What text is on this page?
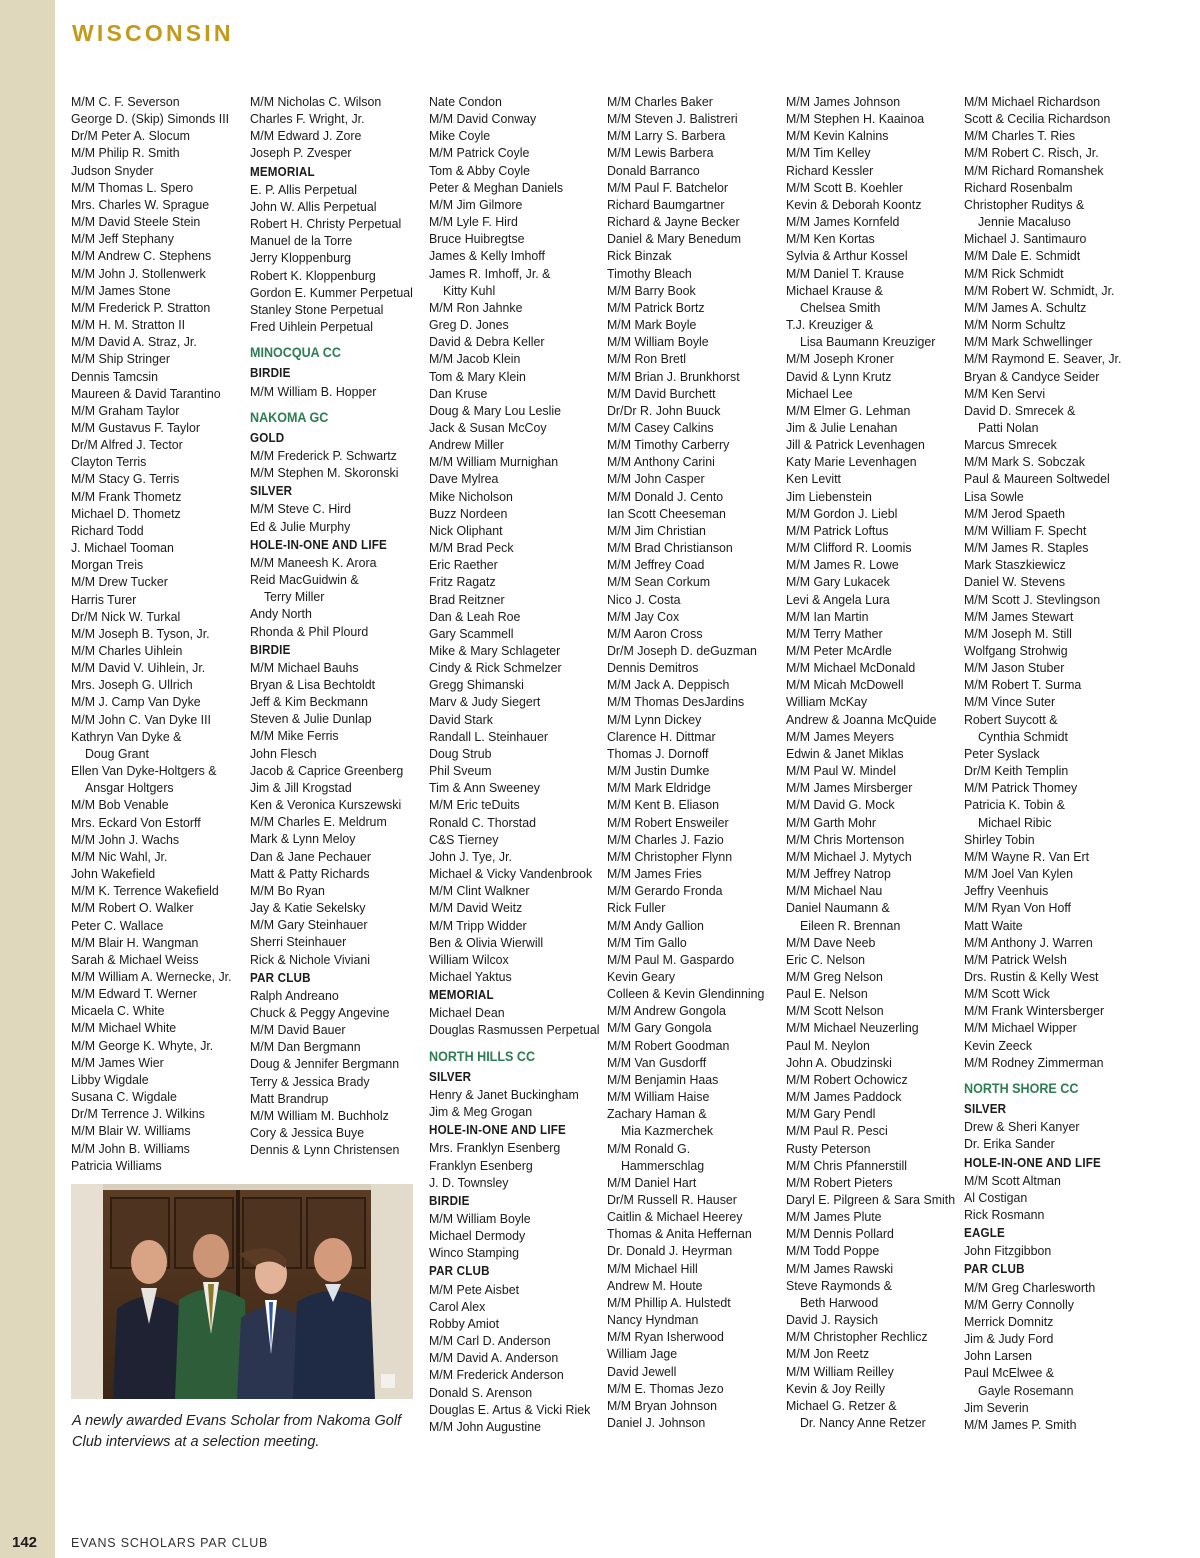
WISCONSIN
M/M C. F. Severson
George D. (Skip) Simonds III
Dr/M Peter A. Slocum
M/M Philip R. Smith
Judson Snyder
M/M Thomas L. Spero
Mrs. Charles W. Sprague
M/M David Steele Stein
M/M Jeff Stephany
M/M Andrew C. Stephens
M/M John J. Stollenwerk
M/M James Stone
M/M Frederick P. Stratton
M/M H. M. Stratton II
M/M David A. Straz, Jr.
M/M Ship Stringer
Dennis Tamcsin
Maureen & David Tarantino
M/M Graham Taylor
M/M Gustavus F. Taylor
Dr/M Alfred J. Tector
Clayton Terris
M/M Stacy G. Terris
M/M Frank Thometz
Michael D. Thometz
Richard Todd
J. Michael Tooman
Morgan Treis
M/M Drew Tucker
Harris Turer
Dr/M Nick W. Turkal
M/M Joseph B. Tyson, Jr.
M/M Charles Uihlein
M/M David V. Uihlein, Jr.
Mrs. Joseph G. Ullrich
M/M J. Camp Van Dyke
M/M John C. Van Dyke III
Kathryn Van Dyke &
Doug Grant
Ellen Van Dyke-Holtgers &
Ansgar Holtgers
M/M Bob Venable
Mrs. Eckard Von Estorff
M/M John J. Wachs
M/M Nic Wahl, Jr.
John Wakefield
M/M K. Terrence Wakefield
M/M Robert O. Walker
Peter C. Wallace
M/M Blair H. Wangman
Sarah & Michael Weiss
M/M William A. Wernecke, Jr.
M/M Edward T. Werner
Micaela C. White
M/M Michael White
M/M George K. Whyte, Jr.
M/M James Wier
Libby Wigdale
Susana C. Wigdale
Dr/M Terrence J. Wilkins
M/M Blair W. Williams
M/M John B. Williams
Patricia Williams
M/M Nicholas C. Wilson
Charles F. Wright, Jr.
M/M Edward J. Zore
Joseph P. Zvesper
MEMORIAL
E. P. Allis Perpetual
John W. Allis Perpetual
Robert H. Christy Perpetual
Manuel de la Torre
Jerry Kloppenburg
Robert K. Kloppenburg
Gordon E. Kummer Perpetual
Stanley Stone Perpetual
Fred Uihlein Perpetual
MINOCQUA CC
BIRDIE
M/M William B. Hopper
NAKOMA GC
GOLD
M/M Frederick P. Schwartz
M/M Stephen M. Skoronski
SILVER
M/M Steve C. Hird
Ed & Julie Murphy
HOLE-IN-ONE AND LIFE
M/M Maneesh K. Arora
Reid MacGuidwin &
Terry Miller
Andy North
Rhonda & Phil Plourd
BIRDIE
M/M Michael Bauhs
Bryan & Lisa Bechtoldt
Jeff & Kim Beckmann
Steven & Julie Dunlap
M/M Mike Ferris
John Flesch
Jacob & Caprice Greenberg
Jim & Jill Krogstad
Ken & Veronica Kurszewski
M/M Charles E. Meldrum
Mark & Lynn Meloy
Dan & Jane Pechauer
Matt & Patty Richards
M/M Bo Ryan
Jay & Katie Sekelsky
M/M Gary Steinhauer
Sherri Steinhauer
Rick & Nichole Viviani
PAR CLUB
Ralph Andreano
Chuck & Peggy Angevine
M/M David Bauer
M/M Dan Bergmann
Doug & Jennifer Bergmann
Terry & Jessica Brady
Matt Brandrup
M/M William M. Buchholz
Cory & Jessica Buye
Dennis & Lynn Christensen
Nate Condon
M/M David Conway
Mike Coyle
M/M Patrick Coyle
Tom & Abby Coyle
Peter & Meghan Daniels
M/M Jim Gilmore
M/M Lyle F. Hird
Bruce Huibregtse
James & Kelly Imhoff
James R. Imhoff, Jr. &
Kitty Kuhl
M/M Ron Jahnke
Greg D. Jones
David & Debra Keller
M/M Jacob Klein
Tom & Mary Klein
Dan Kruse
Doug & Mary Lou Leslie
Jack & Susan McCoy
Andrew Miller
M/M William Murnighan
Dave Mylrea
Mike Nicholson
Buzz Nordeen
Nick Oliphant
M/M Brad Peck
Eric Raether
Fritz Ragatz
Brad Reitzner
Dan & Leah Roe
Gary Scammell
Mike & Mary Schlageter
Cindy & Rick Schmelzer
Gregg Shimanski
Marv & Judy Siegert
David Stark
Randall L. Steinhauer
Doug Strub
Phil Sveum
Tim & Ann Sweeney
M/M Eric teDuits
Ronald C. Thorstad
C&S Tierney
John J. Tye, Jr.
Michael & Vicky Vandenbrook
M/M Clint Walkner
M/M David Weitz
M/M Tripp Widder
Ben & Olivia Wierwill
William Wilcox
Michael Yaktus
MEMORIAL
Michael Dean
Douglas Rasmussen Perpetual
NORTH HILLS CC
SILVER
Henry & Janet Buckingham
Jim & Meg Grogan
HOLE-IN-ONE AND LIFE
Mrs. Franklyn Esenberg
Franklyn Esenberg
J. D. Townsley
BIRDIE
M/M William Boyle
Michael Dermody
Winco Stamping
PAR CLUB
M/M Pete Aisbet
Carol Alex
Robby Amiot
M/M Carl D. Anderson
M/M David A. Anderson
M/M Frederick Anderson
Donald S. Arenson
Douglas E. Artus & Vicki Riek
M/M John Augustine
M/M Charles Baker
M/M Steven J. Balistreri
M/M Larry S. Barbera
M/M Lewis Barbera
Donald Barranco
M/M Paul F. Batchelor
Richard Baumgartner
Richard & Jayne Becker
Daniel & Mary Benedum
Rick Binzak
Timothy Bleach
M/M Barry Book
M/M Patrick Bortz
M/M Mark Boyle
M/M William Boyle
M/M Ron Bretl
M/M Brian J. Brunkhorst
M/M David Burchett
Dr/Dr R. John Buuck
M/M Casey Calkins
M/M Timothy Carberry
M/M Anthony Carini
M/M John Casper
M/M Donald J. Cento
Ian Scott Cheeseman
M/M Jim Christian
M/M Brad Christianson
M/M Jeffrey Coad
M/M Sean Corkum
Nico J. Costa
M/M Jay Cox
M/M Aaron Cross
Dr/M Joseph D. deGuzman
Dennis Demitros
M/M Jack A. Deppisch
M/M Thomas DesJardins
M/M Lynn Dickey
Clarence H. Dittmar
Thomas J. Dornoff
M/M Justin Dumke
M/M Mark Eldridge
M/M Kent B. Eliason
M/M Robert Ensweiler
M/M Charles J. Fazio
M/M Christopher Flynn
M/M James Fries
M/M Gerardo Fronda
Rick Fuller
M/M Andy Gallion
M/M Tim Gallo
M/M Paul M. Gaspardo
Kevin Geary
Colleen & Kevin Glendinning
M/M Andrew Gongola
M/M Gary Gongola
M/M Robert Goodman
M/M Van Gusdorff
M/M Benjamin Haas
M/M William Haise
Zachary Haman &
Mia Kazmerchek
M/M Ronald G.
Hammerschlag
M/M Daniel Hart
Dr/M Russell R. Hauser
Caitlin & Michael Heerey
Thomas & Anita Heffernan
Dr. Donald J. Heyrman
M/M Michael Hill
Andrew M. Houte
M/M Phillip A. Hulstedt
Nancy Hyndman
M/M Ryan Isherwood
William Jage
David Jewell
M/M E. Thomas Jezo
M/M Bryan Johnson
Daniel J. Johnson
M/M James Johnson
M/M Stephen H. Kaainoa
M/M Kevin Kalnins
M/M Tim Kelley
Richard Kessler
M/M Scott B. Koehler
Kevin & Deborah Koontz
M/M James Kornfeld
M/M Ken Kortas
Sylvia & Arthur Kossel
M/M Daniel T. Krause
Michael Krause &
Chelsea Smith
T.J. Kreuziger &
Lisa Baumann Kreuziger
M/M Joseph Kroner
David & Lynn Krutz
Michael Lee
M/M Elmer G. Lehman
Jim & Julie Lenahan
Jill & Patrick Levenhagen
Katy Marie Levenhagen
Ken Levitt
Jim Liebenstein
M/M Gordon J. Liebl
M/M Patrick Loftus
M/M Clifford R. Loomis
M/M James R. Lowe
M/M Gary Lukacek
Levi & Angela Lura
M/M Ian Martin
M/M Terry Mather
M/M Peter McArdle
M/M Michael McDonald
M/M Micah McDowell
William McKay
Andrew & Joanna McQuide
M/M James Meyers
Edwin & Janet Miklas
M/M Paul W. Mindel
M/M James Mirsberger
M/M David G. Mock
M/M Garth Mohr
M/M Chris Mortenson
M/M Michael J. Mytych
M/M Jeffrey Natrop
M/M Michael Nau
Daniel Naumann &
Eileen R. Brennan
M/M Dave Neeb
Eric C. Nelson
M/M Greg Nelson
Paul E. Nelson
M/M Scott Nelson
M/M Michael Neuzerling
Paul M. Neylon
John A. Obudzinski
M/M Robert Ochowicz
M/M James Paddock
M/M Gary Pendl
M/M Paul R. Pesci
Rusty Peterson
M/M Chris Pfannerstill
M/M Robert Pieters
Daryl E. Pilgreen & Sara Smith
M/M James Plute
M/M Dennis Pollard
M/M Todd Poppe
M/M James Rawski
Steve Raymonds &
Beth Harwood
David J. Raysich
M/M Christopher Rechlicz
M/M Jon Reetz
M/M William Reilley
Kevin & Joy Reilly
Michael G. Retzer &
Dr. Nancy Anne Retzer
M/M Michael Richardson
Scott & Cecilia Richardson
M/M Charles T. Ries
M/M Robert C. Risch, Jr.
M/M Richard Romanshek
Richard Rosenbalm
Christopher Ruditys &
Jennie Macaluso
Michael J. Santimauro
M/M Dale E. Schmidt
M/M Rick Schmidt
M/M Robert W. Schmidt, Jr.
M/M James A. Schultz
M/M Norm Schultz
M/M Mark Schwellinger
M/M Raymond E. Seaver, Jr.
Bryan & Candyce Seider
M/M Ken Servi
David D. Smrecek &
Patti Nolan
Marcus Smrecek
M/M Mark S. Sobczak
Paul & Maureen Soltwedel
Lisa Sowle
M/M Jerod Spaeth
M/M William F. Specht
M/M James R. Staples
Mark Staszkiewicz
Daniel W. Stevens
M/M Scott J. Stevlingson
M/M James Stewart
M/M Joseph M. Still
Wolfgang Strohwig
M/M Jason Stuber
M/M Robert T. Surma
M/M Vince Suter
Robert Suycott &
Cynthia Schmidt
Peter Syslack
Dr/M Keith Templin
M/M Patrick Thomey
Patricia K. Tobin &
Michael Ribic
Shirley Tobin
M/M Wayne R. Van Ert
M/M Joel Van Kylen
Jeffry Veenhuis
M/M Ryan Von Hoff
Matt Waite
M/M Anthony J. Warren
M/M Patrick Welsh
Drs. Rustin & Kelly West
M/M Scott Wick
M/M Frank Wintersberger
M/M Michael Wipper
Kevin Zeeck
M/M Rodney Zimmerman
NORTH SHORE CC
SILVER
Drew & Sheri Kanyer
Dr. Erika Sander
HOLE-IN-ONE AND LIFE
M/M Scott Altman
Al Costigan
Rick Rosmann
EAGLE
John Fitzgibbon
PAR CLUB
M/M Greg Charlesworth
M/M Gerry Connolly
Merrick Domnitz
Jim & Judy Ford
John Larsen
Paul McElwee &
Gayle Rosemann
Jim Severin
M/M James P. Smith

A newly awarded Evans Scholar from Nakoma Golf Club interviews at a selection meeting.

142	EVANS SCHOLARS PAR CLUB
